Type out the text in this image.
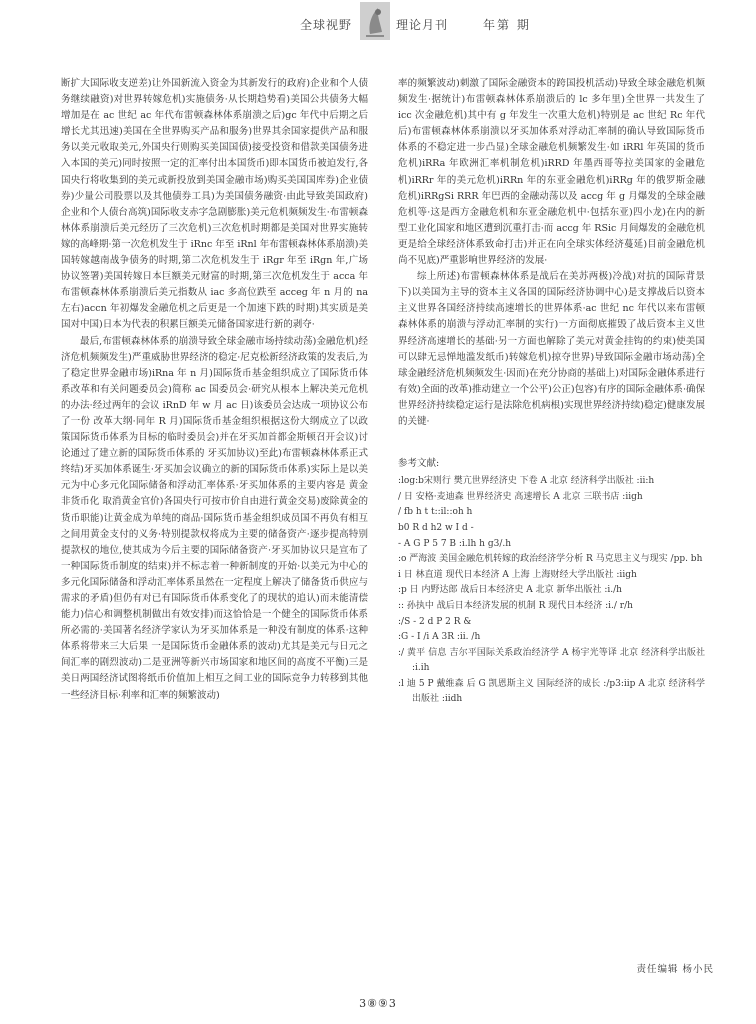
全球视野	理论月刊	年第 期

断扩大国际收支逆差)让外国新流入资金为其新发行的政府)企业和个人债务继续融资)对世界转嫁危机)实施债务·从长期趋势看)美国公共债务大幅增加是在 ac 世纪 ac 年代布雷顿森林体系崩溃之后)gc 年代中后期之后增长尤其迅速)美国在全世界购买产品和服务)世界其余国家提供产品和服务以美元收取美元,外国央行则购买美国国债)接受投资和借款美国债务进入本国的美元)同时按照一定的汇率付出本国货币)即本国货币被迫发行,各国央行将收集到的美元或新投放到美国金融市场)购买美国国库券)企业债券)少量公司股票以及其他债券工具)为美国债务融资·由此导致美国政府)企业和个人债台高筑)国际收支赤字急剧膨胀)美元危机频频发生·布雷顿森林体系崩溃后美元经历了三次危机)三次危机时期都是美国对世界实施转嫁的高峰期·第一次危机发生于 iRnc 年至 iRnl 年布雷顿森林体系崩溃)美国转嫁越南战争债务的时期,第二次危机发生于 iRgr 年至 iRgn 年,广场协议签署)美国转嫁日本巨额美元财富的时期,第三次危机发生于 acca 年布雷顿森林体系崩溃后美元指数从 iac 多高位跌至 acceg 年 n 月的 na 左右)accn 年初爆发金融危机之后更是一个加速下跌的时期)其实质是美国对中国)日本为代表的积累巨额美元储备国家进行新的剥夺·

最后,布雷顿森林体系的崩溃导致全球金融市场持续动荡)金融危机)经济危机频频发生)严重威胁世界经济的稳定·尼克松新经济政策的发表后,为了稳定世界金融市场)iRna 年 n 月)国际货币基金组织成立了国际货币体系改革和有关问题委员会)简称 ac 国委员会·研究从根本上解决美元危机的办法·经过两年的会议 iRnD 年 w 月 ac 日)该委员会达成一项协议公布了一份 改革大纲·同年 R 月)国际货币基金组织根据这份大纲成立了以政策国际货币体系为目标的临时委员会)并在牙买加首都金斯顿召开会议)讨论通过了建立新的国际货币体系的 牙买加协议)至此)布雷顿森林体系正式终结)牙买加体系诞生·牙买加会议确立的新的国际货币体系)实际上是以美元为中心多元化国际储备和浮动汇率体系·牙买加体系的主要内容是 黄金非货币化 取消黄金官价)各国央行可按市价自由进行黄金交易)废除黄金的货币职能)让黄金成为单纯的商品·国际货币基金组织成员国不再负有相互之间用黄金支付的义务·特别提款权将成为主要的储备资产·逐步提高特别提款权的地位,使其成为今后主要的国际储备资产·牙买加协议只是宣布了一种国际货币制度的结束)并不标志着一种新制度的开始·以美元为中心的多元化国际储备和浮动汇率体系虽然在一定程度上解决了储备货币供应与需求的矛盾)但仍有对已有国际货币体系变化了的现状的追认)而未能清偿能力)信心和调整机制做出有效安排)而这恰恰是一个健全的国际货币体系所必需的·美国著名经济学家认为牙买加体系是一种没有制度的体系·这种体系将带来三大后果 一是国际货币金融体系的波动)尤其是美元与日元之间汇率的剧烈波动)二是亚洲等新兴市场国家和地区间的高度不平衡)三是美日两国经济试图将纸币价值加上相互之间工业的国际竞争力转移到其他一些经济目标·利率和汇率的频繁波动)

率的频繁波动)刺激了国际金融资本的跨国投机活动)导致全球金融危机频频发生·据统计)布雷顿森林体系崩溃后的 lc 多年里)全世界一共发生了 icc 次金融危机)其中有 g 年发生一次重大危机)特别是 ac 世纪 Rc 年代后)布雷顿森林体系崩溃以牙买加体系对浮动汇率制的确认导致国际货币体系的不稳定进一步凸显)全球金融危机频繁发生·如 iRRl 年英国的货币危机)iRRa 年欧洲汇率机制危机)iRRD 年墨西哥等拉美国家的金融危机)iRRr 年的美元危机)iRRn 年的东亚金融危机)iRRg 年的俄罗斯金融危机)iRRgSi RRR 年巴西的金融动荡以及 accg 年 g 月爆发的全球金融危机等·这是西方金融危机和东亚金融危机中·包括东亚)四小龙)在内的新型工业化国家和地区遭到沉重打击·而 accg 年 RSic 月间爆发的金融危机更是给全球经济体系致命打击)并正在向全球实体经济蔓延)目前金融危机尚不见底)严重影响世界经济的发展·

综上所述)布雷顿森林体系是战后在美苏两极)冷战)对抗的国际背景下)以美国为主导的资本主义各国的国际经济协调中心)是支撑战后以资本主义世界各国经济持续高速增长的世界体系·ac 世纪 nc 年代以来布雷顿森林体系的崩溃与浮动汇率制的实行)一方面彻底摧毁了战后资本主义世界经济高速增长的基础·另一方面也解除了美元对黄金挂钩的约束)使美国可以肆无忌惮地滥发纸币)转嫁危机)掠夺世界)导致国际金融市场动荡)全球金融经济危机频频发生·因而)在充分协商的基础上)对国际金融体系进行有效)全面的改革)推动建立一个公平)公正)包容)有序的国际金融体系·确保世界经济持续稳定运行是法除危机病根)实现世界经济持续)稳定)健康发展的关键·

参考文献:
:log:b宋则行 樊亢世界经济史 下卷 A 北京 经济科学出版社 :ii:h
/ 日 安格·麦迪森 世界经济史 高速增长 A 北京 三联书店 :iigh
/ fb h t t::il::oh h
b0 R d h2 w I d -
- A G P 5 7 B :i.lh h g3/.h
:o 严海波 美国金融危机转嫁的政治经济学分析 R 马克思主义与现实 /pp. bh
i 日 林直道 现代日本经济 A 上海 上海财经大学出版社 :iigh
:p 日 内野达郎 战后日本经济史 A 北京 新华出版社 :i./h
:: 孙执中 战后日本经济发展的机制 R 现代日本经济 :i./ r/h
:/S - 2 d P 2 R &
:G - I /i A 3R :ii. /h
:/ 黄平 信息 吉尔平国际关系政治经济学 A 杨宇光等译 北京 经济科学出版社 :i.ih
:l 迪 5 P 戴维森 后 G 凯恩斯主义 国际经济的成长 :/p3:iip A 北京 经济科学出版社 :iidh
责任编辑 杨小民
3⑧⑨3
